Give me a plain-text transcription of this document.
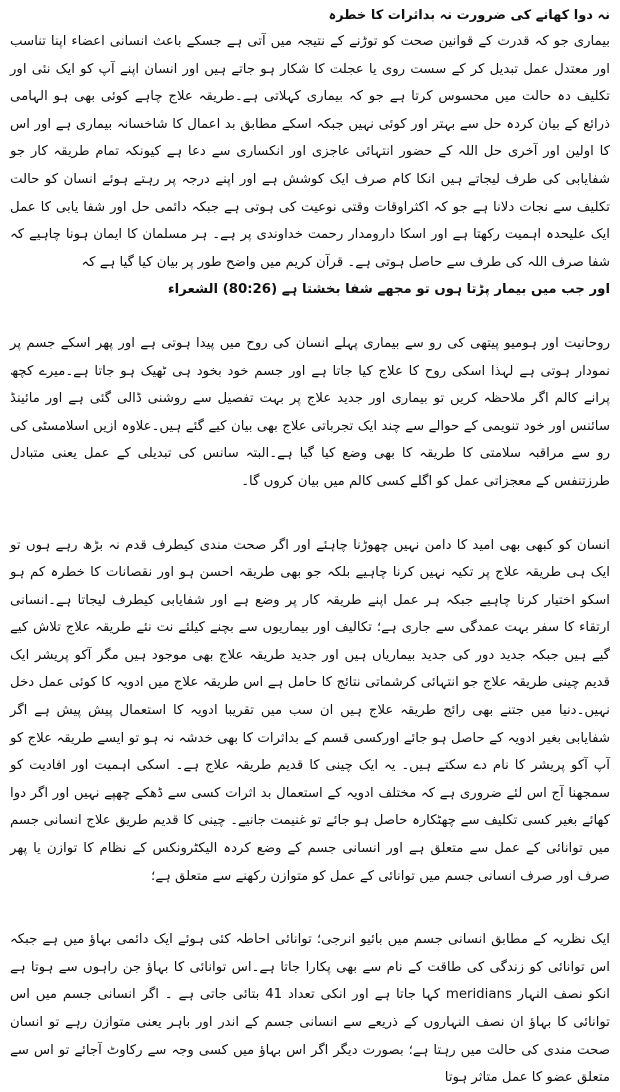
نہ دوا کھانے کی ضرورت نہ بداثرات کا خطرہ

بیماری جو کہ قدرت کے قوانین صحت کو توڑنے کے نتیجہ میں آتی ہے جسکے باعث انسانی اعضاء اپنا تناسب اور معتدل عمل تبدیل کر کے سست روی یا عجلت کا شکار ہو جاتے ہیں اور انسان اپنے آپ کو ایک نئی اور تکلیف دہ حالت میں محسوس کرتا ہے جو کہ بیماری کہلاتی ہے۔طریقہ علاج چاہے کوئی بھی ہو الہامی ذرائع کے بیان کردہ حل سے بہتر اور کوئی نہیں جبکہ اسکے مطابق بد اعمال کا شاخسانہ بیماری ہے اور اس کا اولین اور آخری حل اللہ کے حضور انتہائی عاجزی اور انکساری سے دعا ہے کیونکہ تمام طریقہ کار جو شفایابی کی طرف لیجاتے ہیں انکا کام صرف ایک کوشش ہے اور اپنے درجہ پر رہتے ہوئے انسان کو حالت تکلیف سے نجات دلانا ہے جو کہ اکثراوقات وقتی نوعیت کی ہوتی ہے جبکہ دائمی حل اور شفا یابی کا عمل ایک علیحدہ اہمیت رکھتا ہے اور اسکا دارومدار رحمت خداوندی پر ہے۔ ہر مسلمان کا ایمان ہونا چاہیے کہ شفا صرف اللہ کی طرف سے حاصل ہوتی ہے۔ قرآن کریم میں واضح طور پر بیان کیا گیا ہے کہ

اور جب میں بیمار پڑتا ہوں تو مجھے شفا بخشتا ہے (80:26) الشعراء

روحانیت اور ہومیو پیتھی کی رو سے بیماری پہلے انسان کی روح میں پیدا ہوتی ہے اور پھر اسکے جسم پر نمودار ہوتی ہے لہذا اسکی روح کا علاج کیا جاتا ہے اور جسم خود بخود ہی ٹھیک ہو جاتا ہے۔میرے کچھ پرانے کالم اگر ملاحظہ کریں تو بیماری اور جدید علاج پر بہت تفصیل سے روشنی ڈالی گئی ہے اور مائینڈ سائنس اور خود تنویمی کے حوالے سے چند ایک تجرباتی علاج بھی بیان کیے گئے ہیں۔علاوہ ازیں اسلامسٹی کی رو سے مراقبہ سلامتی کا طریقہ کا بھی وضع کیا گیا ہے۔البتہ سانس کی تبدیلی کے عمل یعنی متبادل طرزتنفس کے معجزاتی عمل کو اگلے کسی کالم میں بیان کروں گا۔

انسان کو کبھی بھی امید کا دامن نہیں چھوڑنا چاہئے اور اگر صحت مندی کیطرف قدم نہ بڑھ رہے ہوں تو ایک ہی طریقہ علاج پر تکیہ نہیں کرنا چاہیے بلکہ جو بھی طریقہ احسن ہو اور نقصانات کا خطرہ کم ہو اسکو اختیار کرنا چاہیے جبکہ ہر عمل اپنے طریقہ کار پر وضع ہے اور شفایابی کیطرف لیجاتا ہے۔انسانی ارتقاء کا سفر بہت عمدگی سے جاری ہے؛ تکالیف اور بیماریوں سے بچنے کیلئے نت نئے طریقہ علاج تلاش کیے گیے ہیں جبکہ جدید دور کی جدید بیماریاں ہیں اور جدید طریقہ علاج بھی موجود ہیں مگر آکو پریشر ایک قدیم چینی طریقہ علاج جو انتہائی کرشماتی نتائج کا حامل ہے اس طریقہ علاج میں ادویہ کا کوئی عمل دخل نہیں۔دنیا میں جتنے بھی رائج طریقہ علاج ہیں ان سب میں تقریبا ادویہ کا استعمال پیش پیش ہے اگر شفایابی بغیر ادویہ کے حاصل ہو جائے اورکسی قسم کے بداثرات کا بھی خدشہ نہ ہو تو ایسے طریقہ علاج کو آپ آکو پریشر کا نام دے سکتے ہیں۔ یہ ایک چینی کا قدیم طریقہ علاج ہے۔ اسکی اہمیت اور افادیت کو سمجھنا آج اس لئے ضروری ہے کہ مختلف ادویہ کے استعمال بد اثرات کسی سے ڈھکے چھپے نہیں اور اگر دوا کھائے بغیر کسی تکلیف سے چھٹکارہ حاصل ہو جائے تو غنیمت جانیے۔ چینی کا قدیم طریق علاج انسانی جسم میں توانائی کے عمل سے متعلق ہے اور انسانی جسم کے وضع کردہ الیکٹرونکس کے نظام کا توازن یا پھر صرف اور صرف انسانی جسم میں توانائی کے عمل کو متوازن رکھنے سے متعلق ہے؛

ایک نظریہ کے مطابق انسانی جسم میں بائیو انرجی؛ توانائی احاطہ کئی ہوئے ایک دائمی بہاؤ میں ہے جبکہ اس توانائی کو زندگی کی طاقت کے نام سے بھی پکارا جاتا ہے۔اس توانائی کا بہاؤ جن راہوں سے ہوتا ہے انکو نصف النہار meridians کہا جاتا ہے اور انکی تعداد 41 بتائی جاتی ہے ۔ اگر انسانی جسم میں اس توانائی کا بہاؤ ان نصف النہاروں کے ذریعے سے انسانی جسم کے اندر اور باہر یعنی متوازن رہے تو انسان صحت مندی کی حالت میں رہتا ہے؛ بصورت دیگر اگر اس بہاؤ میں کسی وجہ سے رکاوٹ آجائے تو اس سے متعلق عضو کا عمل متاثر ہوتا
